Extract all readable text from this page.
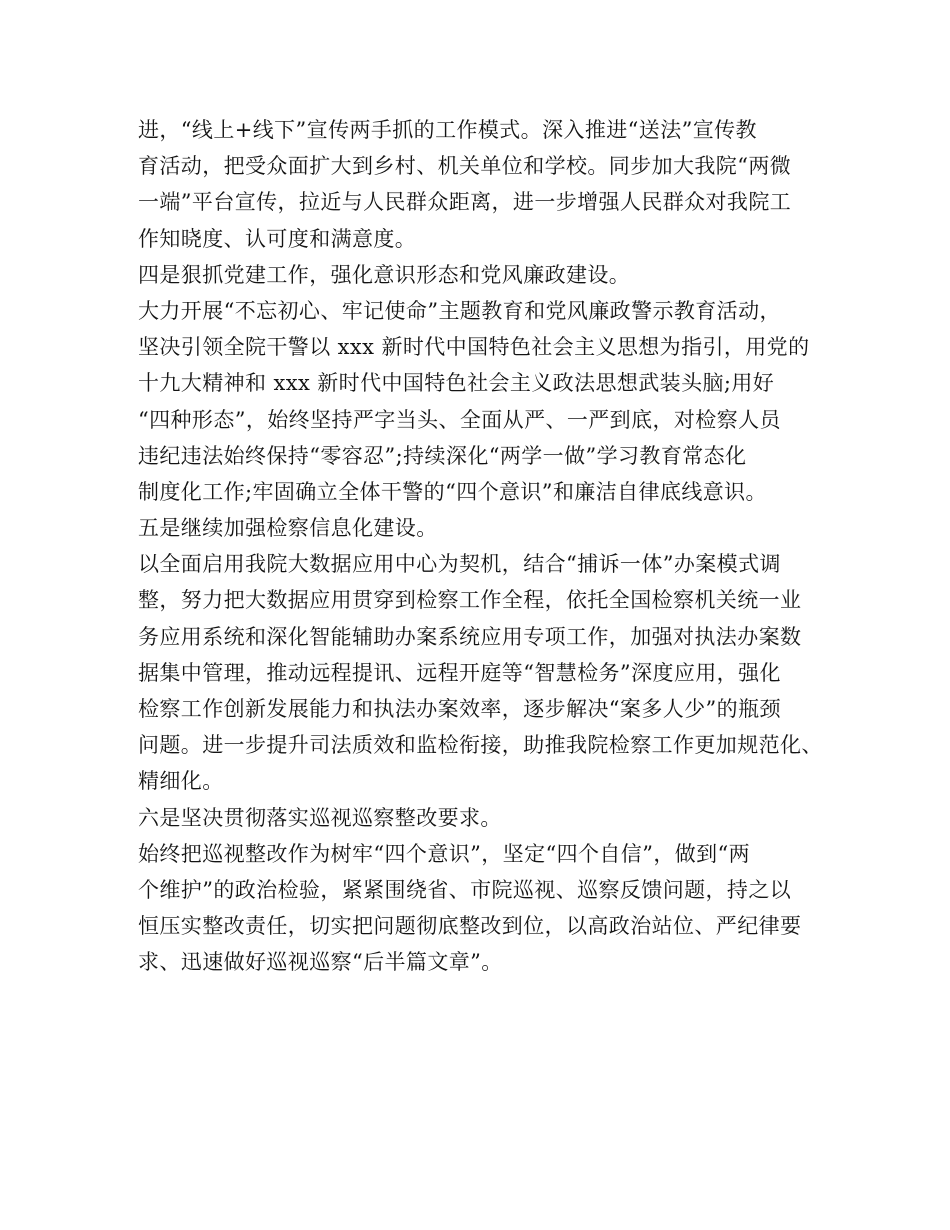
进，“线上+线下”宣传两手抓的工作模式。深入推进“送法”宣传教
育活动，把受众面扩大到乡村、机关单位和学校。同步加大我院“两微
一端”平台宣传，拉近与人民群众距离，进一步增强人民群众对我院工
作知晓度、认可度和满意度。
四是狠抓党建工作，强化意识形态和党风廉政建设。
大力开展“不忘初心、牢记使命”主题教育和党风廉政警示教育活动，
坚决引领全院干警以 xxx 新时代中国特色社会主义思想为指引，用党的
十九大精神和 xxx 新时代中国特色社会主义政法思想武装头脑;用好
“四种形态”，始终坚持严字当头、全面从严、一严到底，对检察人员
违纪违法始终保持“零容忍”;持续深化“两学一做”学习教育常态化
制度化工作;牢固确立全体干警的“四个意识”和廉洁自律底线意识。
五是继续加强检察信息化建设。
以全面启用我院大数据应用中心为契机，结合“捕诉一体”办案模式调
整，努力把大数据应用贯穿到检察工作全程，依托全国检察机关统一业
务应用系统和深化智能辅助办案系统应用专项工作，加强对执法办案数
据集中管理，推动远程提讯、远程开庭等“智慧检务”深度应用，强化
检察工作创新发展能力和执法办案效率，逐步解决“案多人少”的瓶颈
问题。进一步提升司法质效和监检衔接，助推我院检察工作更加规范化、
精细化。
六是坚决贯彻落实巡视巡察整改要求。
始终把巡视整改作为树牢“四个意识”，坚定“四个自信”，做到“两
个维护”的政治检验，紧紧围绕省、市院巡视、巡察反馈问题，持之以
恒压实整改责任，切实把问题彻底整改到位，以高政治站位、严纪律要
求、迅速做好巡视巡察“后半篇文章”。
